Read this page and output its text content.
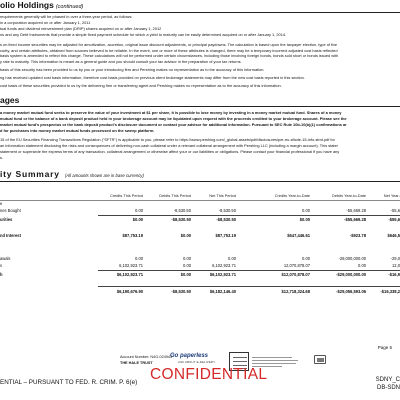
olio Holdings (continued)
requirements generally will be phased in over a three-year period, as follows:
in a corporation acquired on or after January 1, 2011
tual funds and dividend reinvestment plan (DRIP) shares acquired on or after January 1, 2012
ns and any Debt Instruments that provide a simple fixed payment schedule for which a yield to maturity can be easily determined acquired on or after January 1, 2014.
s on fixed income securities may be adjusted for amortization, accretion, original issue discount adjustments, or principal paydowns. The calculation is based upon the taxpayer election, type of fixe
curity, and certain attributes, obtained from sources believed to be reliable. In the event, one or more of these attributes is changed, there may be a temporary incorrect adjusted cost basis reflected
basis system is amended to reflect this change. These calculations will not be performed under certain circumstances, including those involving foreign bonds, bonds sold short or bonds issued with
y rate to maturity. This information is meant as a general guide and you should consult your tax advisor in the preparation of your tax returns.
basis of this security has been provided to us by you or your introducing firm and Pershing makes no representation as to the accuracy of this information.
ng has received updated cost basis information, therefore cost basis provided on previous client brokerage statements may differ from the new cost basis reported in this section.
cost basis of these securities provided to us by the delivering firm or transferring agent and Pershing makes no representation as to the accuracy of this information.
ages
a money market mutual fund seeks to preserve the value of your investment at $1 per share, it is possible to lose money by investing in a money market mutual fund. Shares of a money
mutual fund or the balance of a bank deposit product held in your brokerage account may be liquidated upon request with the proceeds credited to your brokerage account. Please see the
market mutual fund's prospectus or the bank deposit product's disclosure document or contact your advisor for additional information. Pursuant to SEC Rule 10b-10(b)(1) confirmations ar
d for purchases into money market mutual funds processed on the sweep platform.
15 of the EU Securities Financing Transactions Regulation ("SFTR") is applicable to you, please refer to https://www.pershing.com/_global-assets/pdf/disclosures/per-eu-sftcde-15-info-stmt.pdf for
an information statement disclosing the risks and consequences of delivering non-cash collateral under a relevant collateral arrangement with Pershing LLC (including a margin account). This stater
statement or supersede the express terms of any transaction, collateral arrangement or otherwise affect your or our liabilities or obligations. Please contact your financial professional if you have any
s.
ity Summary (All amounts shown are in base currency)
Credits This Period	Debits This Period	Net This Period	Credits Year-to-Date	Debits Year-to-Date	Net Year-
e
nes Bought	0.00	-8,530.50	-8,530.50	0.00	-55,669.28	-55,6
urities	$0.00	-$8,530.50	-$8,530.50	$0.00	-$55,669.28	-$55,6
nd Interest	$87,753.19	$0.00	$87,753.19	$647,446.61	-$923.78	$646,5
awals	0.00	0.00	0.00	0.00	-29,000,000.00	-29,0
s	6,102,923.71	0.00	6,102,923.71	12,070,878.07	0.00	12,0
h	$6,102,923.71	$0.00	$6,102,923.71	$12,070,878.07	-$29,000,000.00	-$16,9
$6,190,676.90	-$8,530.50	$6,182,146.40	$12,718,324.68	-$29,056,593.06	-$16,338,2
Page 5
Account Number: N4G-024943
THE HALE TRUST
Go paperless
ASK ABOUT E-DELIVERY
CONFIDENTIAL
ENTIAL – PURSUANT TO FED. R. CRIM. P. 6(e)	SDNY_C
DB-SDN
